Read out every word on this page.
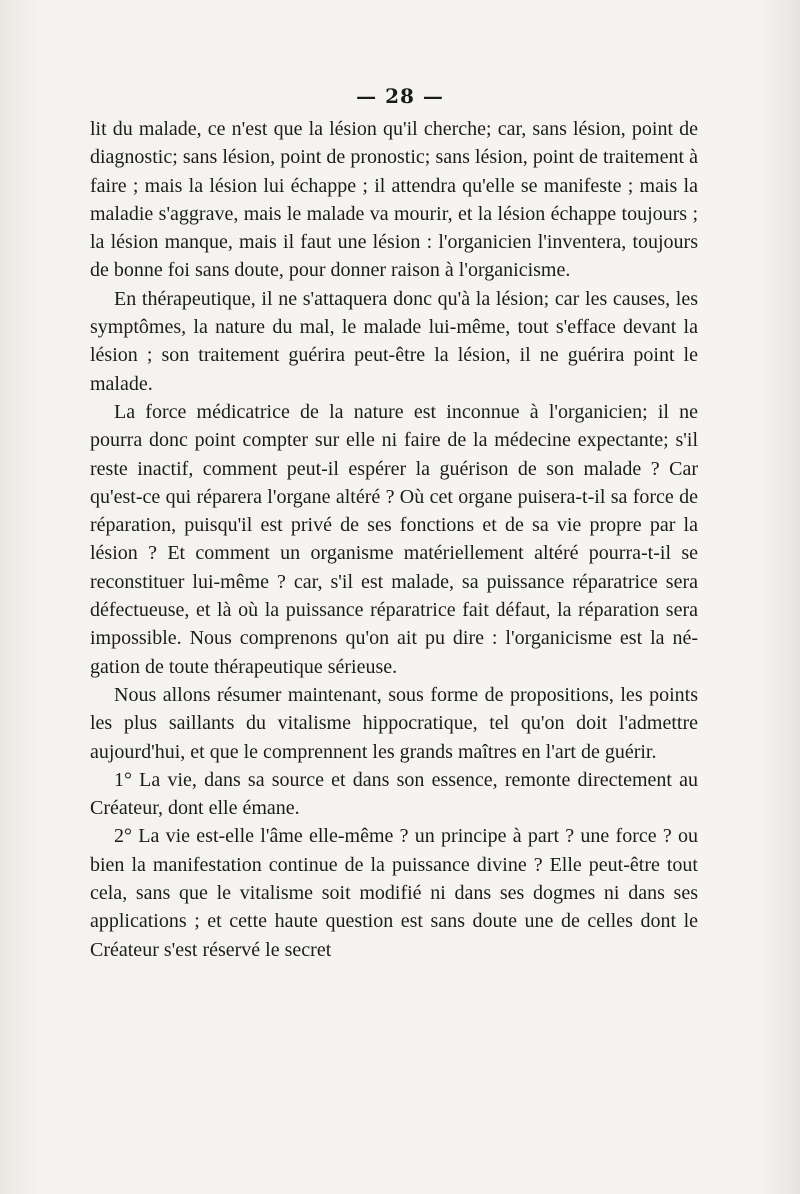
— 28 —

lit du malade, ce n'est que la lésion qu'il cherche; car, sans lésion, point de diagnostic; sans lésion, point de pronostic; sans lésion, point de traitement à faire ; mais la lésion lui échappe ; il attendra qu'elle se manifeste ; mais la maladie s'aggrave, mais le malade va mourir, et la lésion échappe toujours ; la lésion manque, mais il faut une lésion : l'organicien l'inventera, toujours de bonne foi sans doute, pour donner raison à l'organicisme.

En thérapeutique, il ne s'attaquera donc qu'à la lésion; car les causes, les symptômes, la nature du mal, le malade lui-même, tout s'efface devant la lésion ; son traitement guérira peut-être la lésion, il ne guérira point le malade.

La force médicatrice de la nature est inconnue à l'organicien; il ne pourra donc point compter sur elle ni faire de la médecine expectante; s'il reste inactif, comment peut-il espérer la guérison de son malade ? Car qu'est-ce qui réparera l'organe altéré ? Où cet organe puisera-t-il sa force de réparation, puisqu'il est privé de ses fonctions et de sa vie propre par la lésion ? Et comment un organisme matériellement altéré pourra-t-il se reconstituer lui-même ? car, s'il est malade, sa puissance réparatrice sera défectueuse, et là où la puissance réparatrice fait défaut, la réparation sera impossible. Nous comprenons qu'on ait pu dire : l'organicisme est la négation de toute thérapeutique sérieuse.

Nous allons résumer maintenant, sous forme de propositions, les points les plus saillants du vitalisme hippocratique, tel qu'on doit l'admettre aujourd'hui, et que le comprennent les grands maîtres en l'art de guérir.

1° La vie, dans sa source et dans son essence, remonte directement au Créateur, dont elle émane.

2° La vie est-elle l'âme elle-même ? un principe à part ? une force ? ou bien la manifestation continue de la puissance divine ? Elle peut-être tout cela, sans que le vitalisme soit modifié ni dans ses dogmes ni dans ses applications ; et cette haute question est sans doute une de celles dont le Créateur s'est réservé le secret
